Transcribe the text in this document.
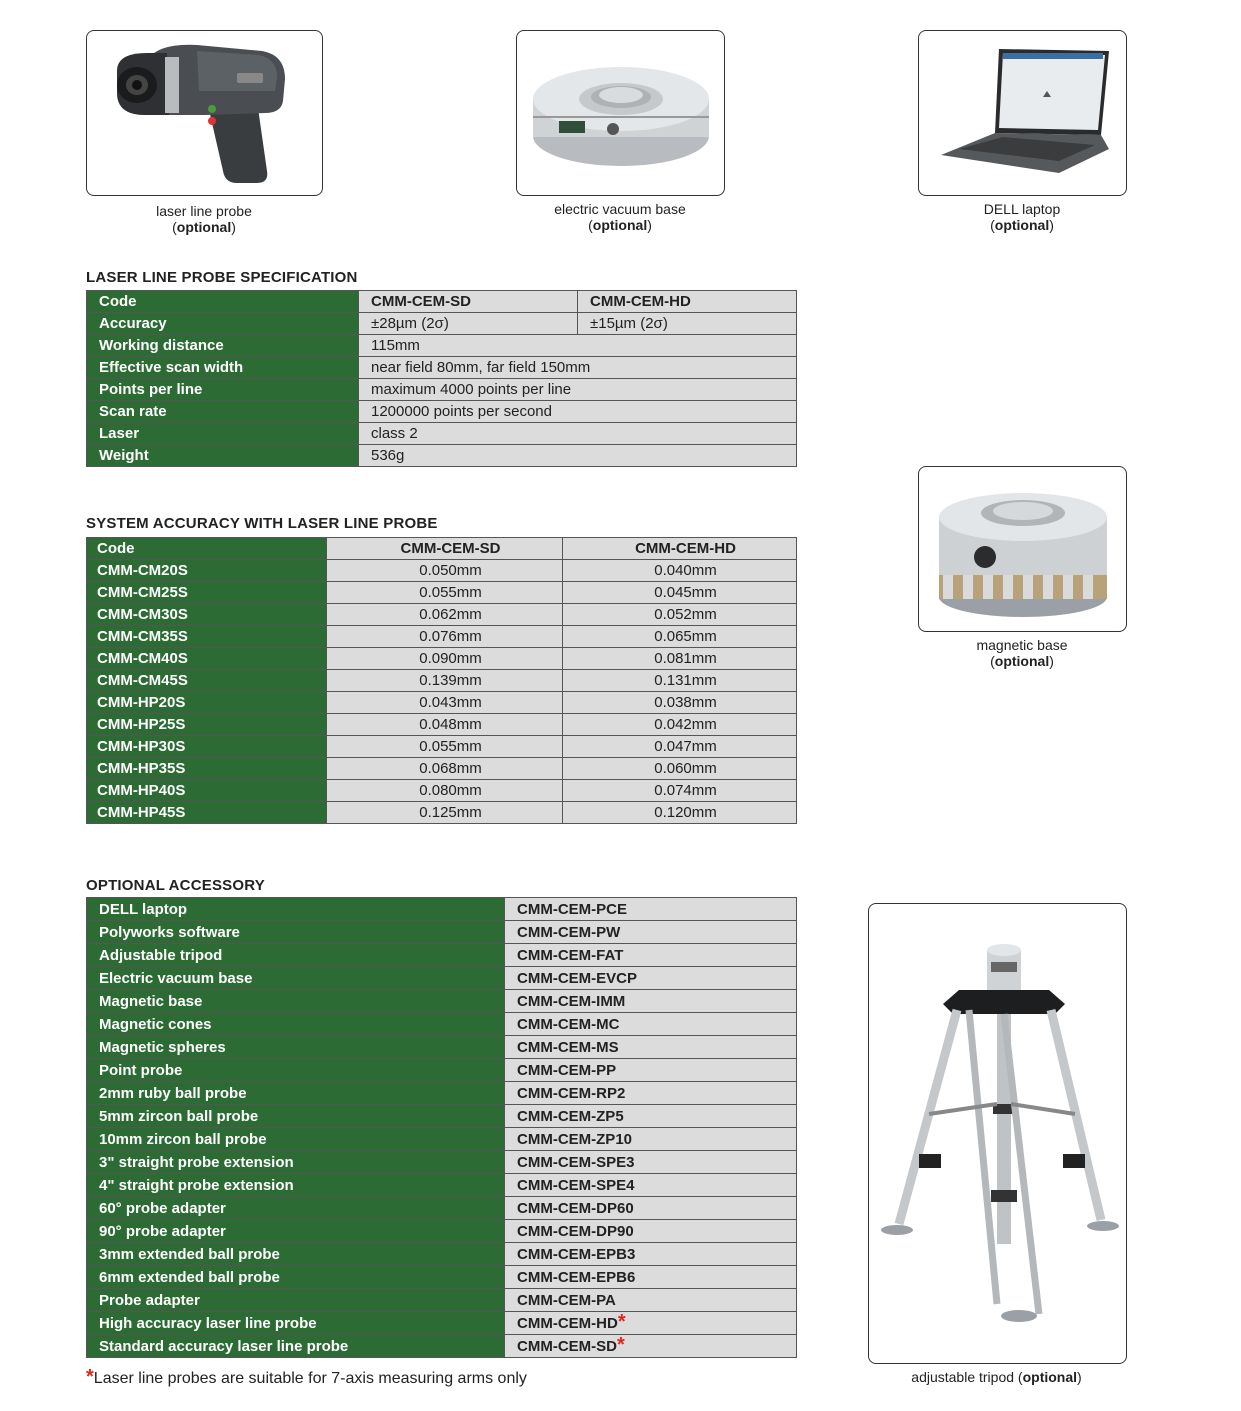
laser line probe
(optional)
electric vacuum base
(optional)
DELL laptop
(optional)
LASER LINE PROBE SPECIFICATION
Code	CMM-CEM-SD	CMM-CEM-HD
Accuracy	±28µm (2σ)	±15µm (2σ)
Working distance	115mm	
Effective scan width	near field 80mm, far field 150mm	
Points per line	maximum 4000 points per line	
Scan rate	1200000 points per second	
Laser	class 2	
Weight	536g	
SYSTEM ACCURACY WITH LASER LINE PROBE
Code	CMM-CEM-SD	CMM-CEM-HD
CMM-CM20S	0.050mm	0.040mm
CMM-CM25S	0.055mm	0.045mm
CMM-CM30S	0.062mm	0.052mm
CMM-CM35S	0.076mm	0.065mm
CMM-CM40S	0.090mm	0.081mm
CMM-CM45S	0.139mm	0.131mm
CMM-HP20S	0.043mm	0.038mm
CMM-HP25S	0.048mm	0.042mm
CMM-HP30S	0.055mm	0.047mm
CMM-HP35S	0.068mm	0.060mm
CMM-HP40S	0.080mm	0.074mm
CMM-HP45S	0.125mm	0.120mm
magnetic base
(optional)
OPTIONAL ACCESSORY
DELL laptop	CMM-CEM-PCE
Polyworks software	CMM-CEM-PW
Adjustable tripod	CMM-CEM-FAT
Electric vacuum base	CMM-CEM-EVCP
Magnetic base	CMM-CEM-IMM
Magnetic cones	CMM-CEM-MC
Magnetic spheres	CMM-CEM-MS
Point probe	CMM-CEM-PP
2mm ruby ball probe	CMM-CEM-RP2
5mm zircon ball probe	CMM-CEM-ZP5
10mm zircon ball probe	CMM-CEM-ZP10
3" straight probe extension	CMM-CEM-SPE3
4" straight probe extension	CMM-CEM-SPE4
60° probe adapter	CMM-CEM-DP60
90° probe adapter	CMM-CEM-DP90
3mm extended ball probe	CMM-CEM-EPB3
6mm extended ball probe	CMM-CEM-EPB6
Probe adapter	CMM-CEM-PA
High accuracy laser line probe	CMM-CEM-HD*
Standard accuracy laser line probe	CMM-CEM-SD*
*Laser line probes are suitable for 7-axis measuring arms only	adjustable tripod (optional)
